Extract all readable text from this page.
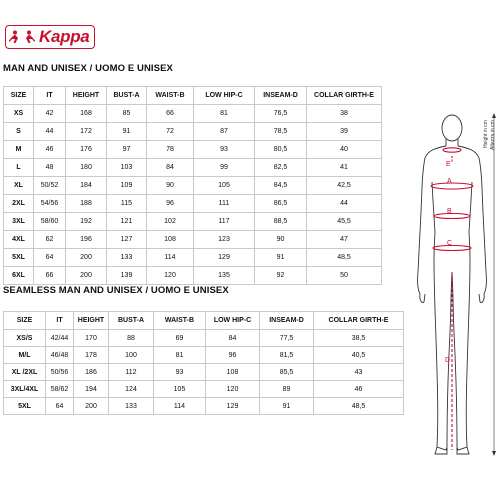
Kappa
MAN AND UNISEX / UOMO E UNISEX
SIZE	IT	HEIGHT	BUST-A	WAIST-B	LOW HIP-C	INSEAM-D	COLLAR GIRTH-E
XS	42	168	85	66	81	76,5	38
S	44	172	91	72	87	78,5	39
M	46	176	97	78	93	80,5	40
L	48	180	103	84	99	82,5	41
XL	50/52	184	109	90	105	84,5	42,5
2XL	54/56	188	115	96	111	86,5	44
3XL	58/60	192	121	102	117	88,5	45,5
4XL	62	196	127	108	123	90	47
5XL	64	200	133	114	129	91	48,5
6XL	66	200	139	120	135	92	50
SEAMLESS MAN AND UNISEX / UOMO E UNISEX
SIZE	IT	HEIGHT	BUST-A	WAIST-B	LOW HIP-C	INSEAM-D	COLLAR GIRTH-E
XS/S	42/44	170	88	69	84	77,5	38,5
M/L	46/48	178	100	81	96	81,5	40,5
XL /2XL	50/56	186	112	93	108	85,5	43
3XL/4XL	58/62	194	124	105	120	89	46
5XL	64	200	133	114	129	91	48,5
E
A
B
C
D
Height in cm Altezza in cm
